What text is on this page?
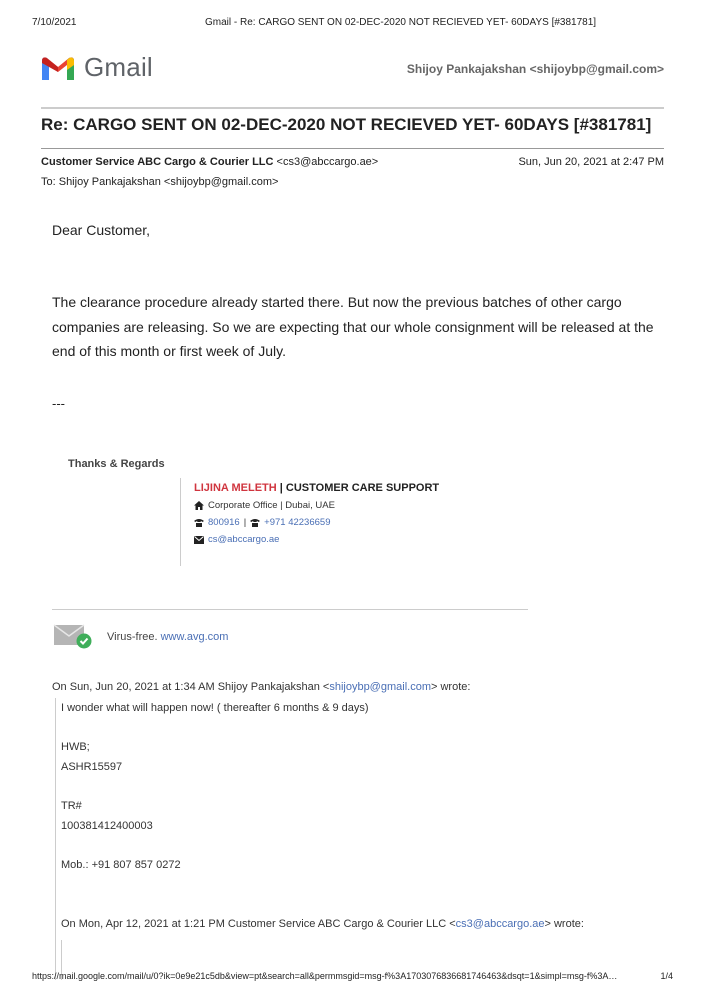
7/10/2021	Gmail - Re: CARGO SENT ON 02-DEC-2020 NOT RECIEVED YET- 60DAYS [#381781]
Gmail	Shijoy Pankajakshan <shijoybp@gmail.com>
Re: CARGO SENT ON 02-DEC-2020 NOT RECIEVED YET- 60DAYS [#381781]
Customer Service ABC Cargo & Courier LLC <cs3@abccargo.ae>	Sun, Jun 20, 2021 at 2:47 PM
To: Shijoy Pankajakshan <shijoybp@gmail.com>
Dear Customer,
The clearance procedure already started there. But now the previous batches of other cargo companies are releasing. So we are expecting that our whole consignment will be released at the end of this month or first week of July.
---
Thanks & Regards
LIJINA MELETH | CUSTOMER CARE SUPPORT
Corporate Office | Dubai, UAE
800916 | +971 42236659
cs@abccargo.ae
Virus-free. www.avg.com
On Sun, Jun 20, 2021 at 1:34 AM Shijoy Pankajakshan <shijoybp@gmail.com> wrote:
I wonder what will happen now! ( thereafter 6 months & 9 days)
HWB;
ASHR15597
TR#
100381412400003
Mob.: +91 807 857 0272
On Mon, Apr 12, 2021 at 1:21 PM Customer Service ABC Cargo & Courier LLC <cs3@abccargo.ae> wrote:
https://mail.google.com/mail/u/0?ik=0e9e21c5db&view=pt&search=all&permmsgid=msg-f%3A1703076836681746463&dsqt=1&simpl=msg-f%3A…	1/4
